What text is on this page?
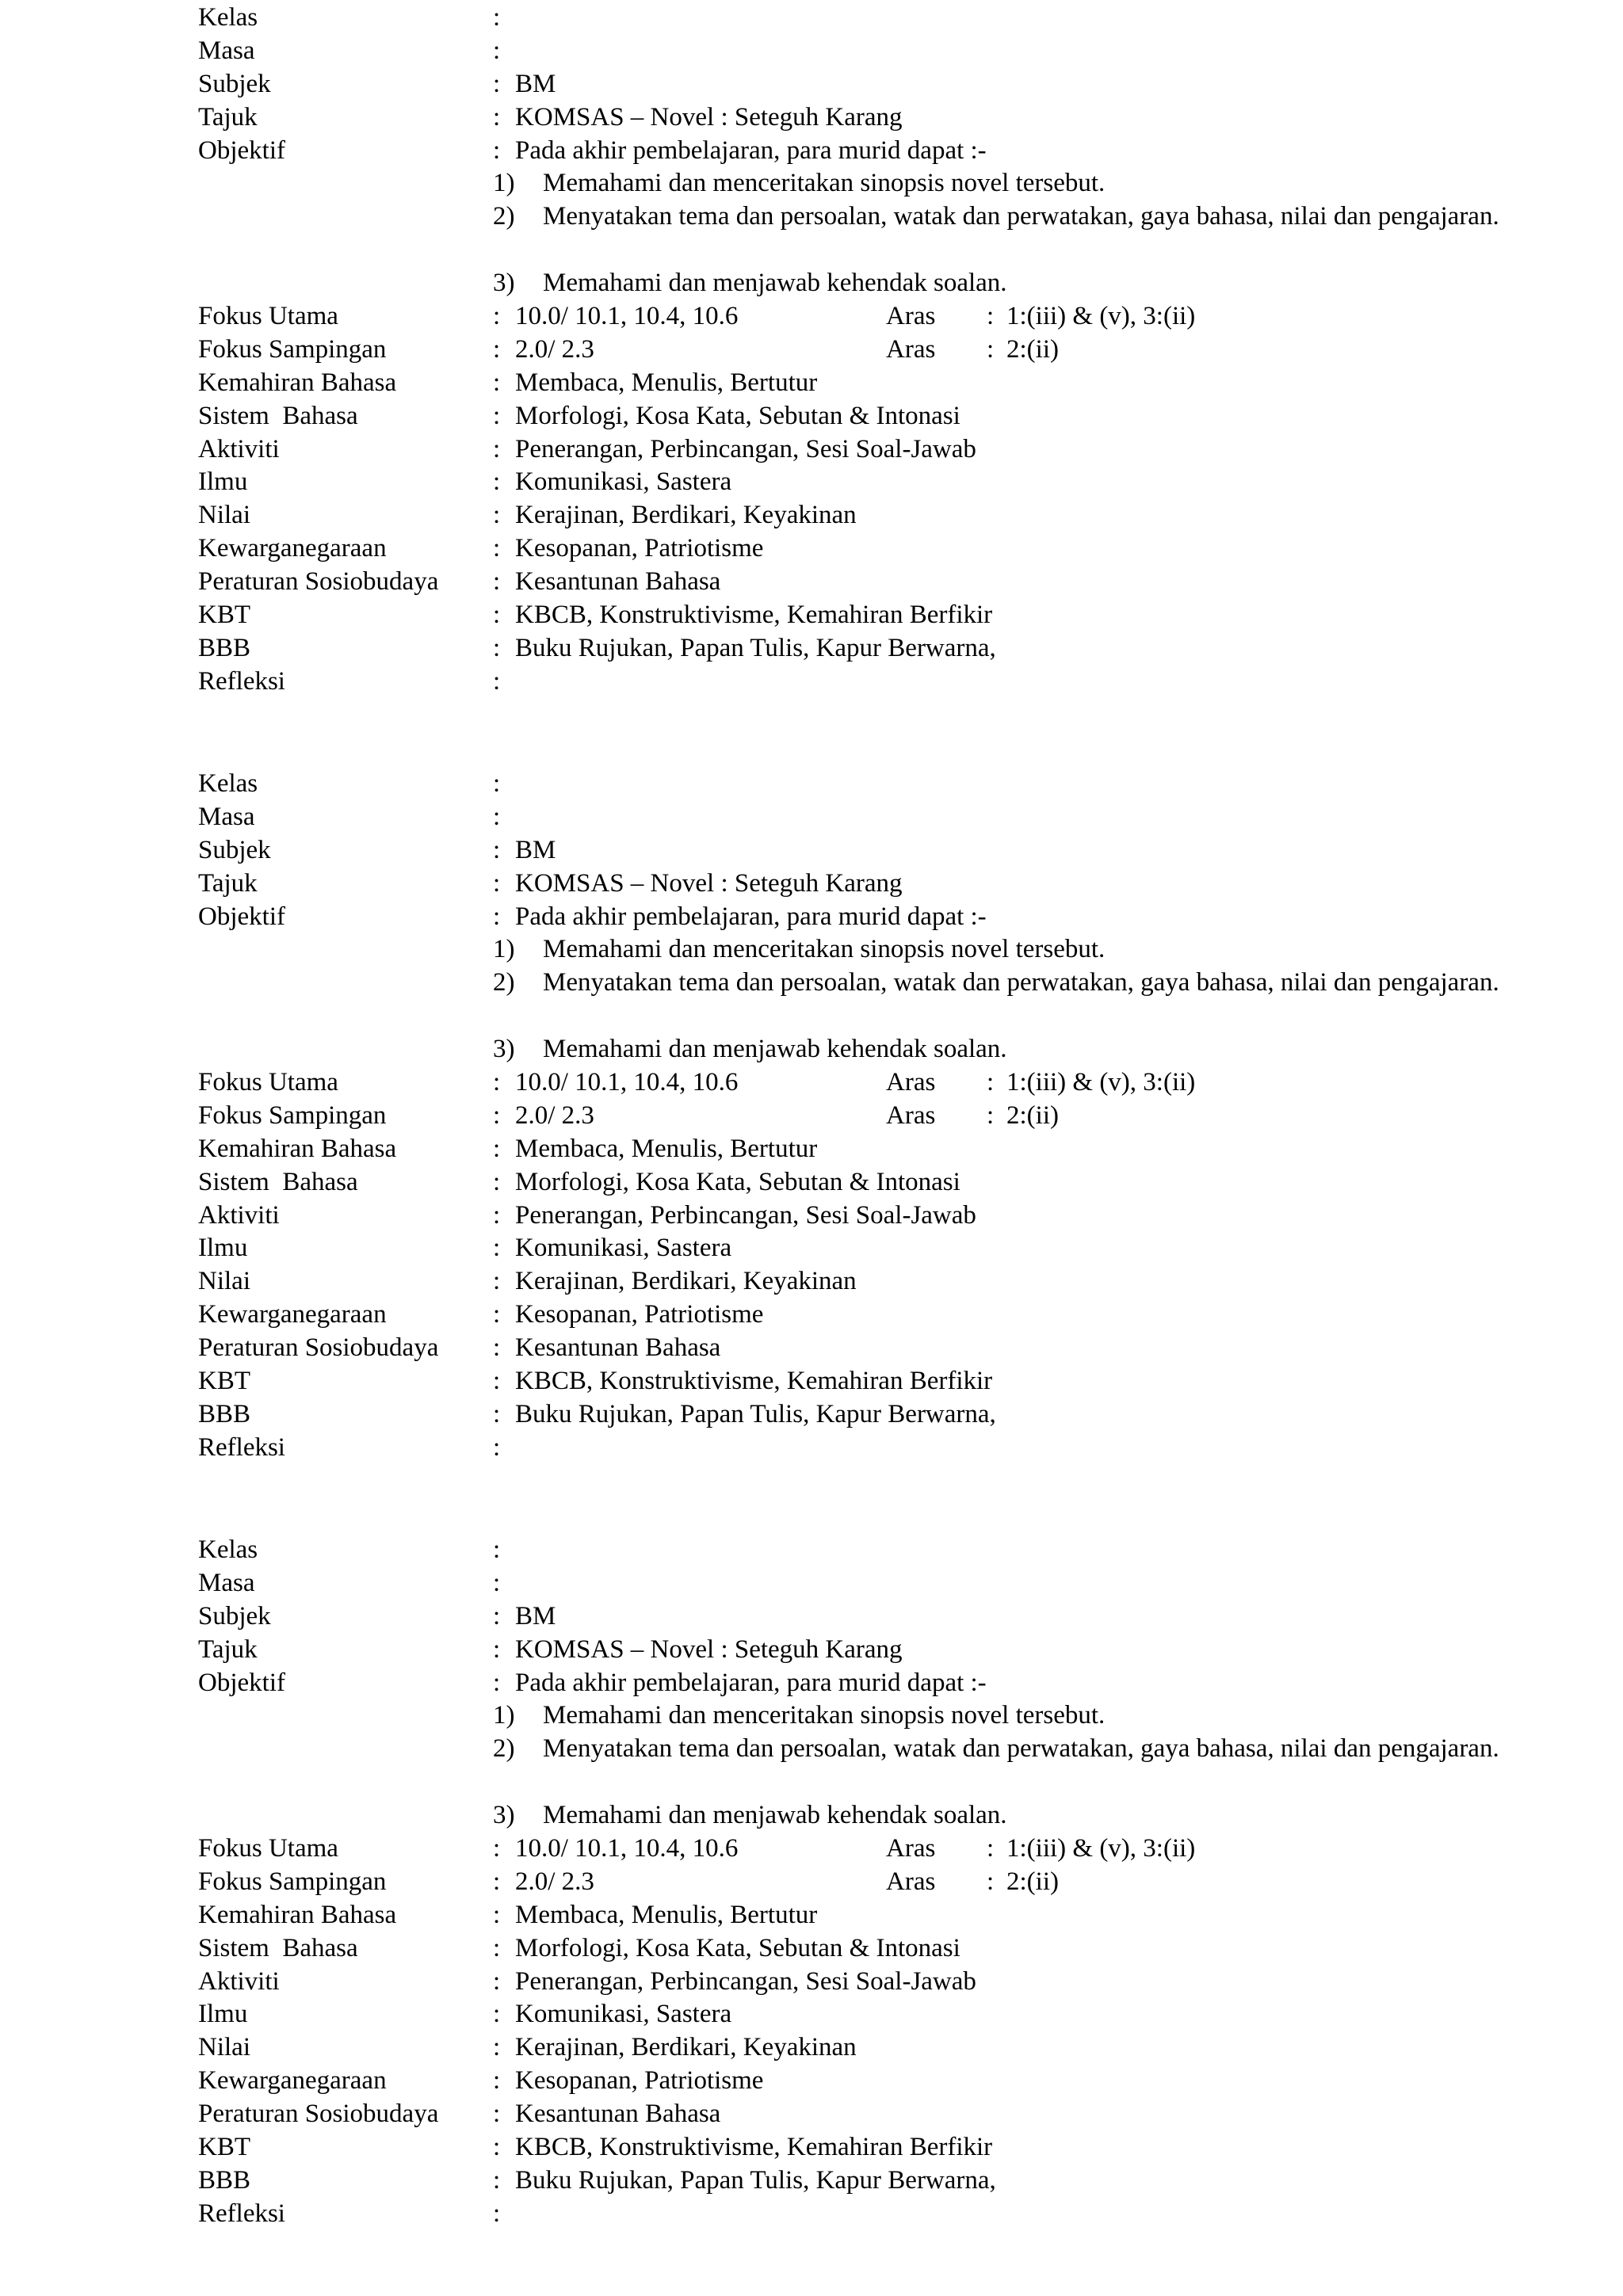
Kelas	:
Masa	:
Subjek	: BM
Tajuk	: KOMSAS – Novel : Seteguh Karang
Objektif	: Pada akhir pembelajaran, para murid dapat :-
1) Memahami dan menceritakan sinopsis novel tersebut.
2) Menyatakan tema dan persoalan, watak dan perwatakan, gaya bahasa, nilai dan pengajaran.
3) Memahami dan menjawab kehendak soalan.
Fokus Utama	: 10.0/ 10.1, 10.4, 10.6	Aras : 1:(iii) & (v), 3:(ii)
Fokus Sampingan	: 2.0/ 2.3	Aras : 2:(ii)
Kemahiran Bahasa	: Membaca, Menulis, Bertutur
Sistem  Bahasa	: Morfologi, Kosa Kata, Sebutan & Intonasi
Aktiviti	: Penerangan, Perbincangan, Sesi Soal-Jawab
Ilmu	: Komunikasi, Sastera
Nilai	: Kerajinan, Berdikari, Keyakinan
Kewarganegaraan	: Kesopanan, Patriotisme
Peraturan Sosiobudaya : Kesantunan Bahasa
KBT	: KBCB, Konstruktivisme, Kemahiran Berfikir
BBB	: Buku Rujukan, Papan Tulis, Kapur Berwarna,
Refleksi	:
Kelas	:
Masa	:
Subjek	: BM
Tajuk	: KOMSAS – Novel : Seteguh Karang
Objektif	: Pada akhir pembelajaran, para murid dapat :-
1) Memahami dan menceritakan sinopsis novel tersebut.
2) Menyatakan tema dan persoalan, watak dan perwatakan, gaya bahasa, nilai dan pengajaran.
3) Memahami dan menjawab kehendak soalan.
Fokus Utama	: 10.0/ 10.1, 10.4, 10.6	Aras : 1:(iii) & (v), 3:(ii)
Fokus Sampingan	: 2.0/ 2.3	Aras : 2:(ii)
Kemahiran Bahasa	: Membaca, Menulis, Bertutur
Sistem  Bahasa	: Morfologi, Kosa Kata, Sebutan & Intonasi
Aktiviti	: Penerangan, Perbincangan, Sesi Soal-Jawab
Ilmu	: Komunikasi, Sastera
Nilai	: Kerajinan, Berdikari, Keyakinan
Kewarganegaraan	: Kesopanan, Patriotisme
Peraturan Sosiobudaya : Kesantunan Bahasa
KBT	: KBCB, Konstruktivisme, Kemahiran Berfikir
BBB	: Buku Rujukan, Papan Tulis, Kapur Berwarna,
Refleksi	:
Kelas	:
Masa	:
Subjek	: BM
Tajuk	: KOMSAS – Novel : Seteguh Karang
Objektif	: Pada akhir pembelajaran, para murid dapat :-
1) Memahami dan menceritakan sinopsis novel tersebut.
2) Menyatakan tema dan persoalan, watak dan perwatakan, gaya bahasa, nilai dan pengajaran.
3) Memahami dan menjawab kehendak soalan.
Fokus Utama	: 10.0/ 10.1, 10.4, 10.6	Aras : 1:(iii) & (v), 3:(ii)
Fokus Sampingan	: 2.0/ 2.3	Aras : 2:(ii)
Kemahiran Bahasa	: Membaca, Menulis, Bertutur
Sistem  Bahasa	: Morfologi, Kosa Kata, Sebutan & Intonasi
Aktiviti	: Penerangan, Perbincangan, Sesi Soal-Jawab
Ilmu	: Komunikasi, Sastera
Nilai	: Kerajinan, Berdikari, Keyakinan
Kewarganegaraan	: Kesopanan, Patriotisme
Peraturan Sosiobudaya : Kesantunan Bahasa
KBT	: KBCB, Konstruktivisme, Kemahiran Berfikir
BBB	: Buku Rujukan, Papan Tulis, Kapur Berwarna,
Refleksi	:
